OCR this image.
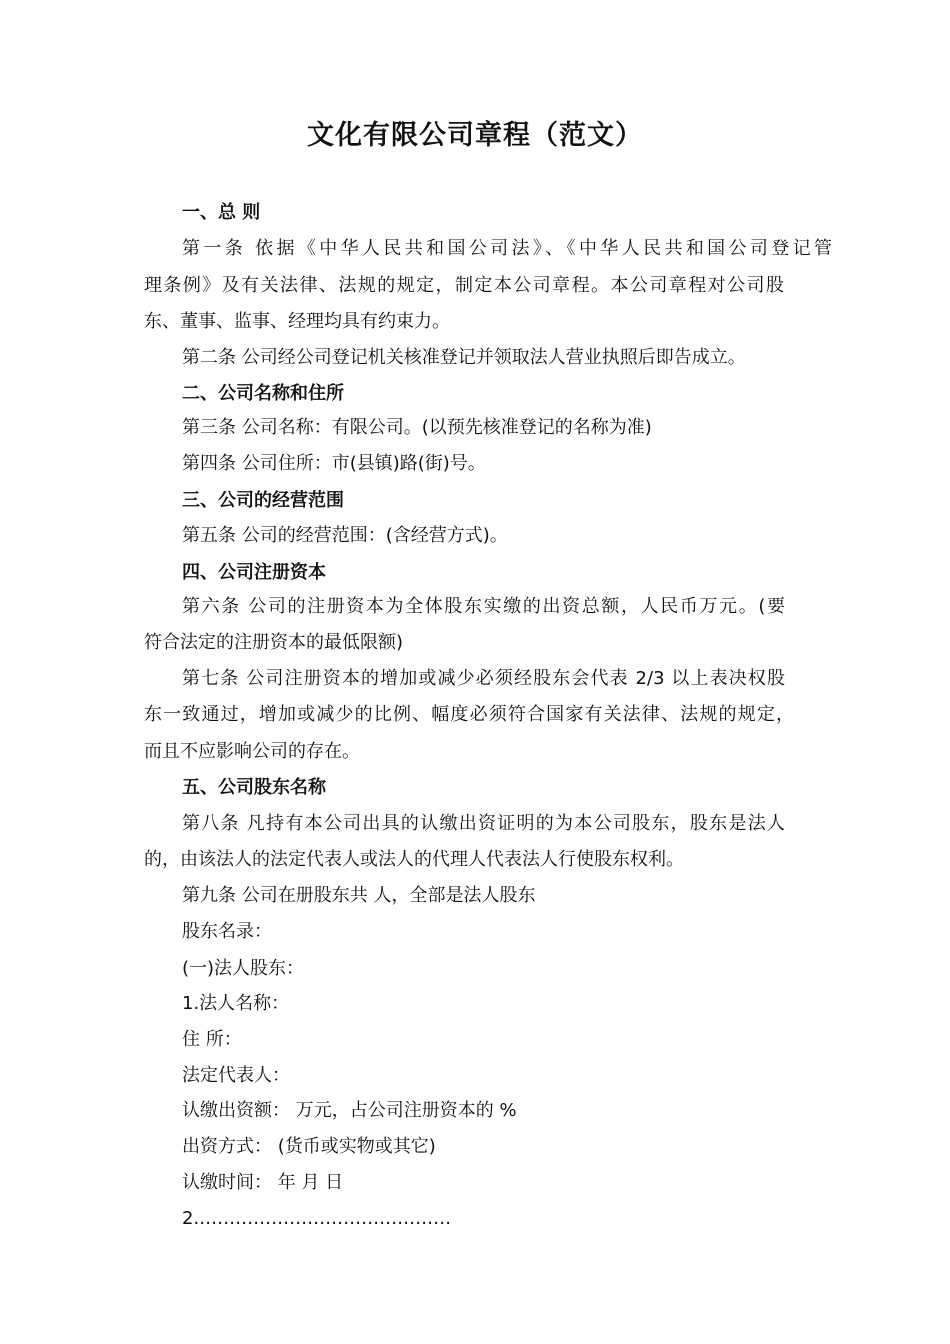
文化有限公司章程（范文）
一、总 则
第一条 依据《中华人民共和国公司法》、《中华人民共和国公司登记管
理条例》及有关法律、法规的规定，制定本公司章程。本公司章程对公司股
东、董事、监事、经理均具有约束力。
第二条 公司经公司登记机关核准登记并领取法人营业执照后即告成立。
二、公司名称和住所
第三条 公司名称：有限公司。(以预先核准登记的名称为准)
第四条 公司住所：市(县镇)路(街)号。
三、公司的经营范围
第五条 公司的经营范围：(含经营方式)。
四、公司注册资本
第六条 公司的注册资本为全体股东实缴的出资总额，人民币万元。(要
符合法定的注册资本的最低限额)
第七条 公司注册资本的增加或减少必须经股东会代表 2/3 以上表决权股
东一致通过，增加或减少的比例、幅度必须符合国家有关法律、法规的规定，
而且不应影响公司的存在。
五、公司股东名称
第八条 凡持有本公司出具的认缴出资证明的为本公司股东，股东是法人
的，由该法人的法定代表人或法人的代理人代表法人行使股东权利。
第九条 公司在册股东共 人，全部是法人股东
股东名录：
(一)法人股东：
1.法人名称：
住 所：
法定代表人：
认缴出资额： 万元，占公司注册资本的 %
出资方式： (货币或实物或其它)
认缴时间： 年 月 日
2.……………………………………
